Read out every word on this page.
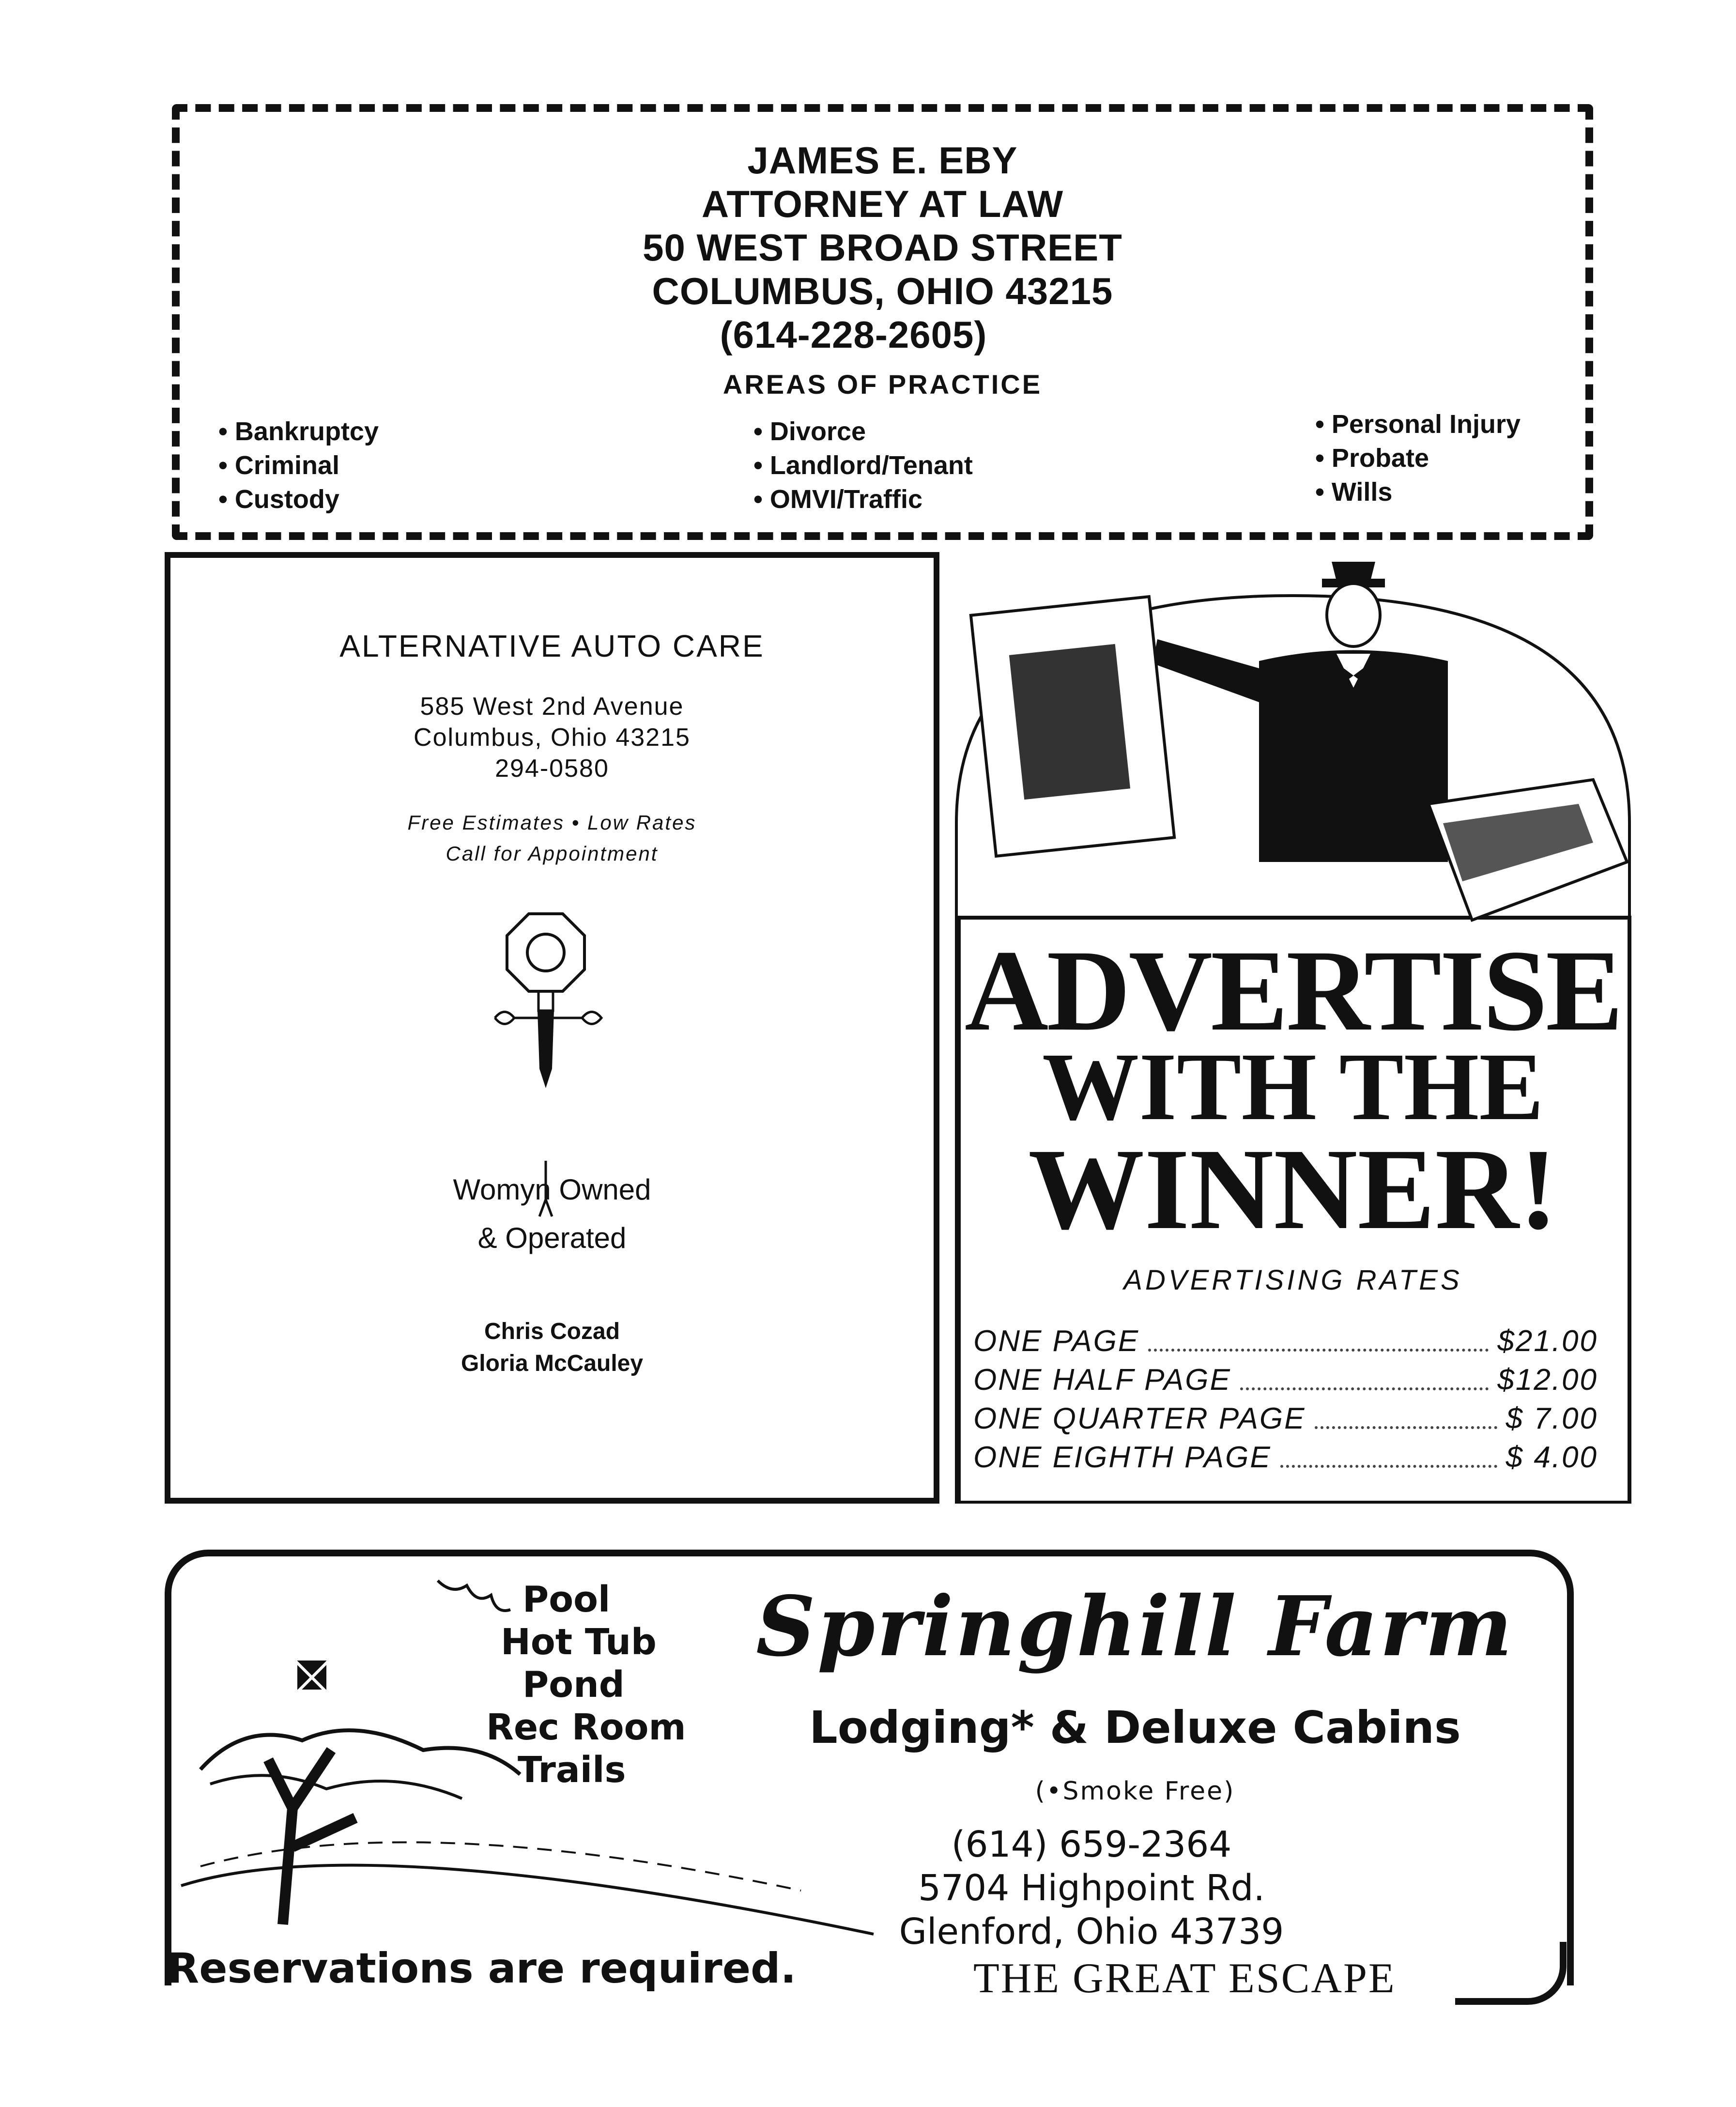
JAMES E. EBY
ATTORNEY AT LAW
50 WEST BROAD STREET
COLUMBUS, OHIO 43215
(614-228-2605)
AREAS OF PRACTICE
• Bankruptcy
• Criminal
• Custody
• Divorce
• Landlord/Tenant
• OMVI/Traffic
• Personal Injury
• Probate
• Wills
ALTERNATIVE AUTO CARE
585 West 2nd Avenue
Columbus, Ohio 43215
294-0580
Free Estimates • Low Rates
Call for Appointment
Womyn Owned
& Operated
Chris Cozad
Gloria McCauley
ADVERTISE
WITH THE
WINNER!
ADVERTISING RATES
ONE PAGE	$21.00
ONE HALF PAGE	$12.00
ONE QUARTER PAGE	$ 7.00
ONE EIGHTH PAGE	$ 4.00
Pool
Hot Tub
Pond
Rec Room
Trails
Springhill Farm
Lodging* & Deluxe Cabins
(•Smoke Free)
(614) 659-2364
5704 Highpoint Rd.
Glenford, Ohio 43739
Reservations are required.	THE GREAT ESCAPE
